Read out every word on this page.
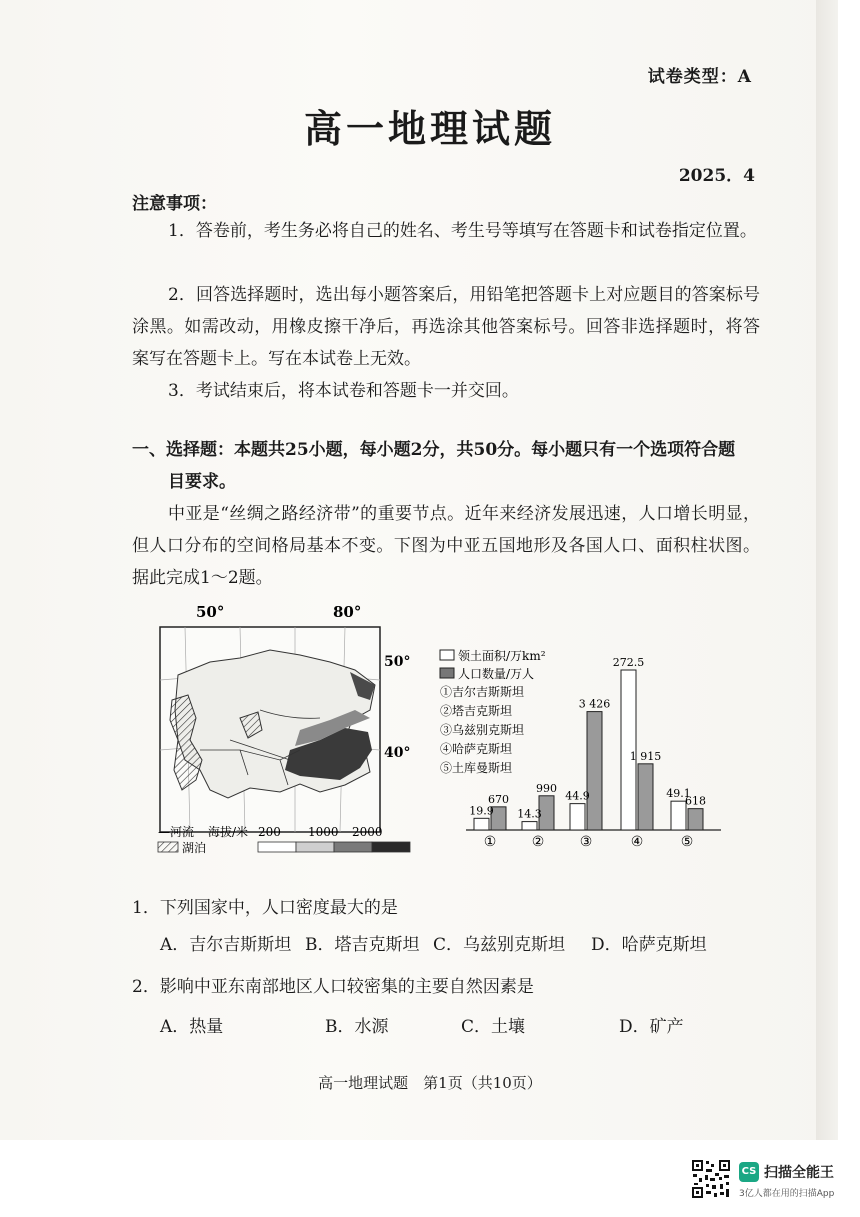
试卷类型：A
高一地理试题
2025．4
注意事项：
1．答卷前，考生务必将自己的姓名、考生号等填写在答题卡和试卷指定位置。
2．回答选择题时，选出每小题答案后，用铅笔把答题卡上对应题目的答案标号涂黑。如需改动，用橡皮擦干净后，再选涂其他答案标号。回答非选择题时，将答案写在答题卡上。写在本试卷上无效。
3．考试结束后，将本试卷和答题卡一并交回。
一、选择题：本题共25小题，每小题2分，共50分。每小题只有一个选项符合题
目要求。
中亚是“丝绸之路经济带”的重要节点。近年来经济发展迅速，人口增长明显，但人口分布的空间格局基本不变。下图为中亚五国地形及各国人口、面积柱状图。据此完成1～2题。
50°	80°
50°
40°
—河流 海拔/米 200 1000 2000
湖泊
领土面积/万km²
人口数量/万人
①吉尔吉斯斯坦
②塔吉克斯坦
③乌兹别克斯坦
④哈萨克斯坦
⑤土库曼斯坦
19.9
670
①
14.3
990
②
44.9
3 426
③
272.5
1 915
④
49.1
618
⑤
1．下列国家中，人口密度最大的是
A．吉尔吉斯斯坦 B．塔吉克斯坦 C．乌兹别克斯坦 D．哈萨克斯坦
2．影响中亚东南部地区人口较密集的主要自然因素是
A．热量	B．水源	C．土壤	D．矿产
高一地理试题　第1页（共10页）
CS 扫描全能王
3亿人都在用的扫描App
